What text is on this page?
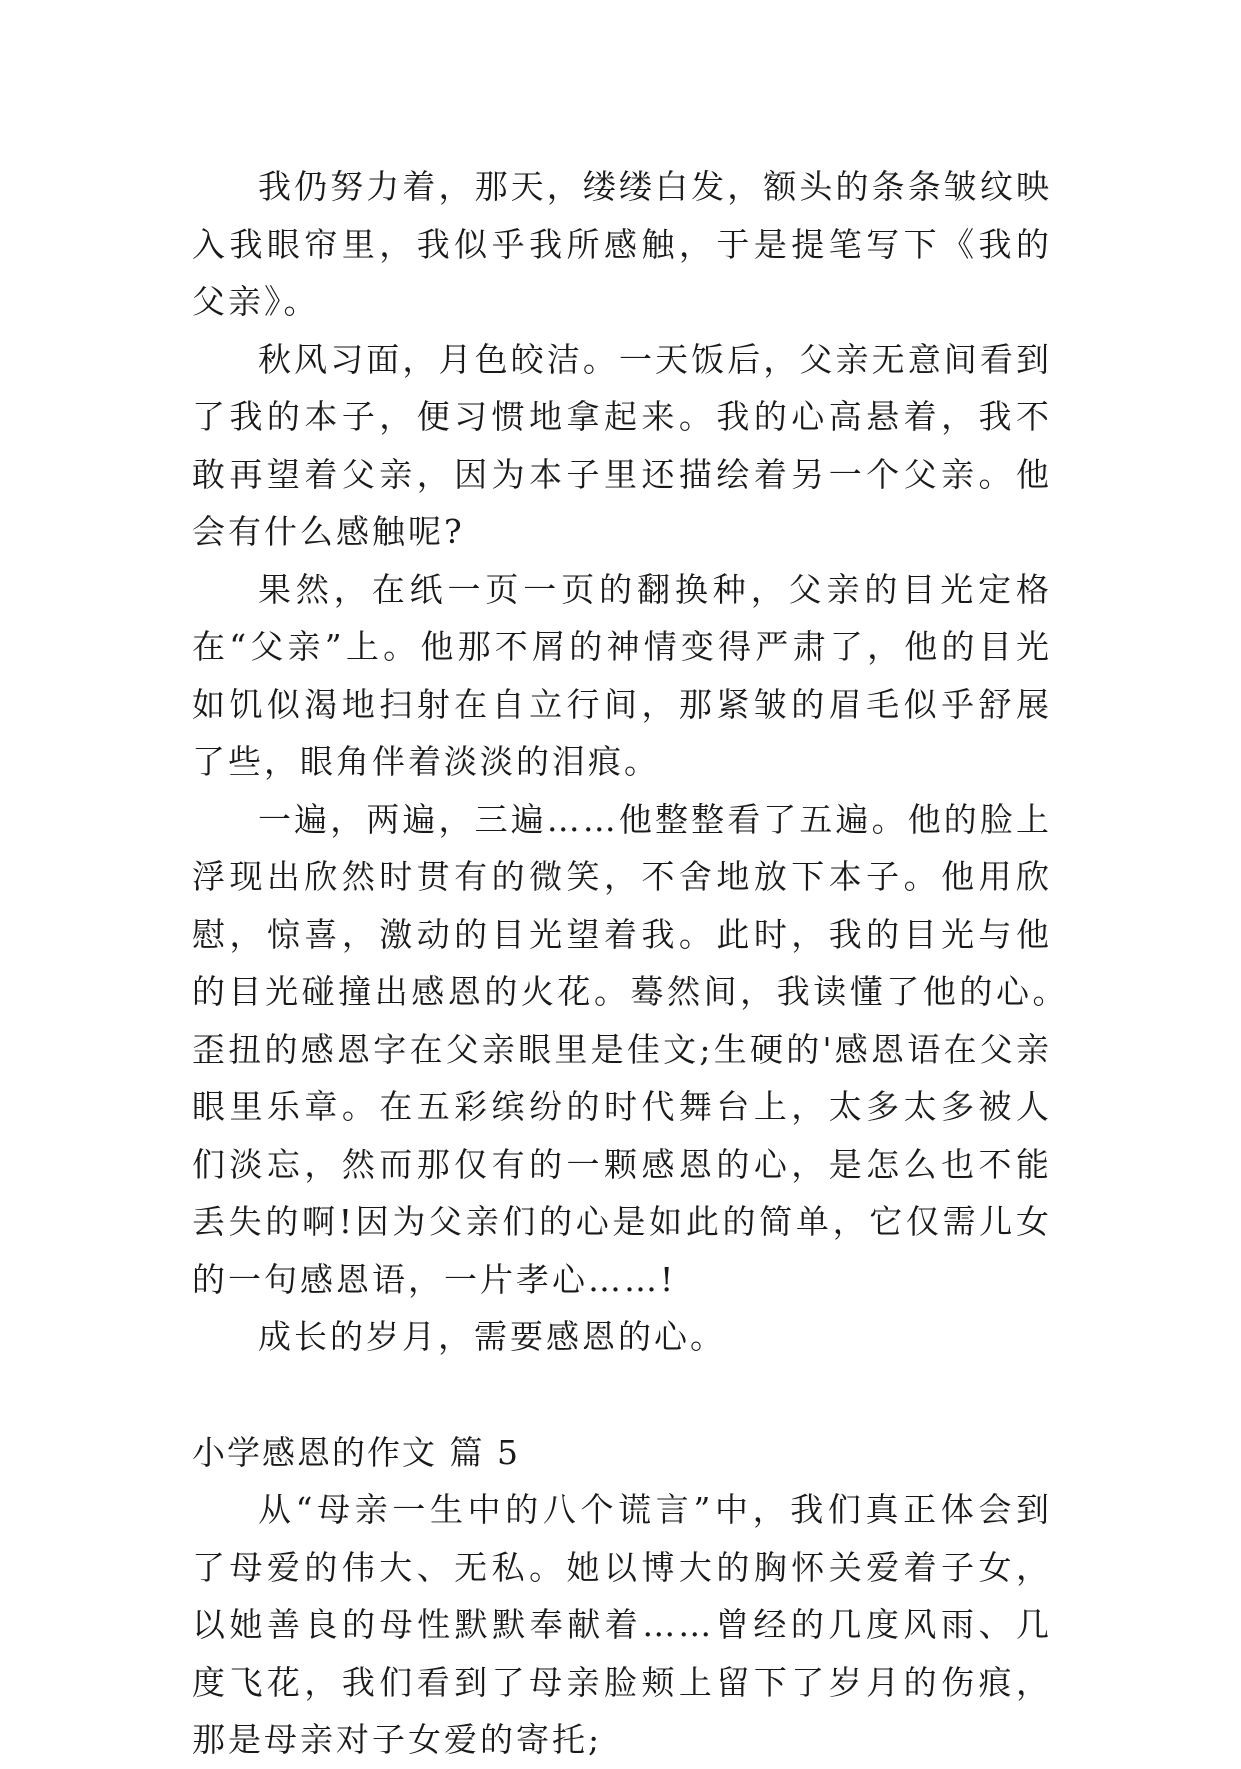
我仍努力着，那天，缕缕白发，额头的条条皱纹映入我眼帘里，我似乎我所感触，于是提笔写下《我的父亲》。

秋风习面，月色皎洁。一天饭后，父亲无意间看到了我的本子，便习惯地拿起来。我的心高悬着，我不敢再望着父亲，因为本子里还描绘着另一个父亲。他会有什么感触呢?

果然，在纸一页一页的翻换种，父亲的目光定格在“父亲”上。他那不屑的神情变得严肃了，他的目光如饥似渴地扫射在自立行间，那紧皱的眉毛似乎舒展了些，眼角伴着淡淡的泪痕。

一遍，两遍，三遍……他整整看了五遍。他的脸上浮现出欣然时贯有的微笑，不舍地放下本子。他用欣慰，惊喜，激动的目光望着我。此时，我的目光与他的目光碰撞出感恩的火花。蓦然间，我读懂了他的心。　歪扭的感恩字在父亲眼里是佳文;生硬的'感恩语在父亲眼里乐章。在五彩缤纷的时代舞台上，太多太多被人们淡忘，然而那仅有的一颗感恩的心，是怎么也不能丢失的啊!因为父亲们的心是如此的简单，它仅需儿女的一句感恩语，一片孝心……!

成长的岁月，需要感恩的心。

小学感恩的作文 篇 5

从“母亲一生中的八个谎言”中，我们真正体会到了母爱的伟大、无私。她以博大的胸怀关爱着子女，以她善良的母性默默奉献着……曾经的几度风雨、几度飞花，我们看到了母亲脸颊上留下了岁月的伤痕，那是母亲对子女爱的寄托;
